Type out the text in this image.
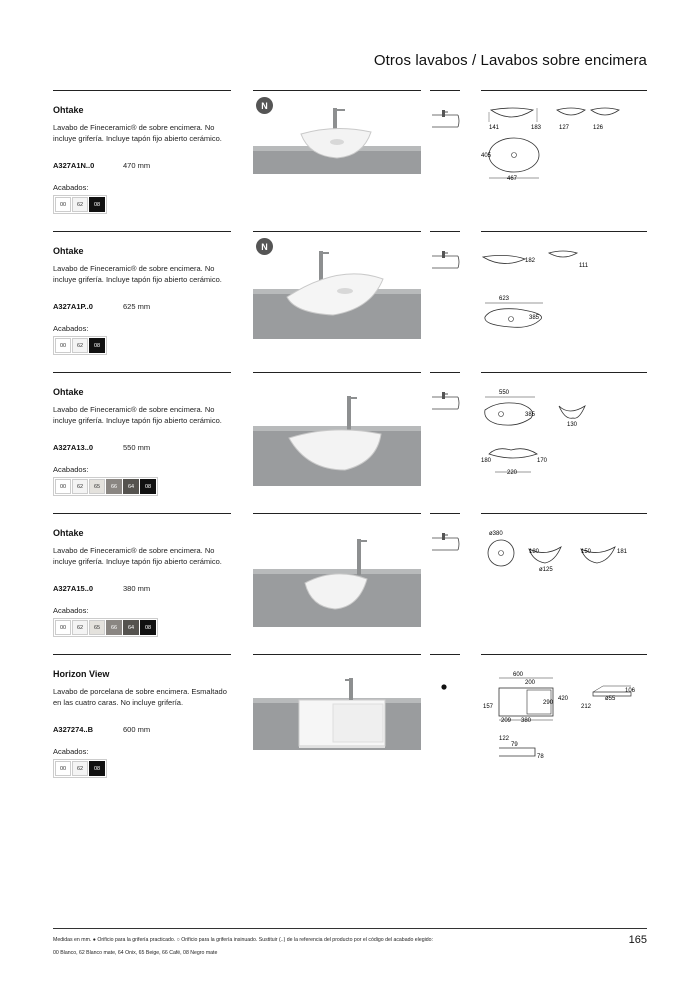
Otros lavabos / Lavabos sobre encimera
Ohtake
Lavabo de Fineceramic® de sobre encimera. No incluye grifería. Incluye tapón fijo abierto cerámico.
A327A1N..0	470 mm
Acabados:
00	62	08
N
141	183	127	126
405
467
Ohtake
Lavabo de Fineceramic® de sobre encimera. No incluye grifería. Incluye tapón fijo abierto cerámico.
A327A1P..0	625 mm
Acabados:
00	62	08
N
182
111
623
385
Ohtake
Lavabo de Fineceramic® de sobre encimera. No incluye grifería. Incluye tapón fijo abierto cerámico.
A327A13..0	550 mm
Acabados:
00	62	65	66	64	08
550
385
130
180	170
220
Ohtake
Lavabo de Fineceramic® de sobre encimera. No incluye grifería. Incluye tapón fijo abierto cerámico.
A327A15..0	380 mm
Acabados:
00	62	65	66	64	08
ø380
180
ø125
150	181
Horizon View
Lavabo de porcelana de sobre encimera. Esmaltado en las cuatro caras. No incluye grifería.
A327274..B	600 mm
Acabados:
00	62	08
600
200
157
290
420
209 380
106
ø55
212
122
79
78
Medidas en mm. ● Orificio para la grifería practicado. ○ Orificio para la grifería insinuado. Sustituir (..) de la referencia del producto por el código del acabado elegido:
00 Blanco, 62 Blanco mate, 64 Onix, 65 Beige, 66 Café, 08 Negro mate
165
